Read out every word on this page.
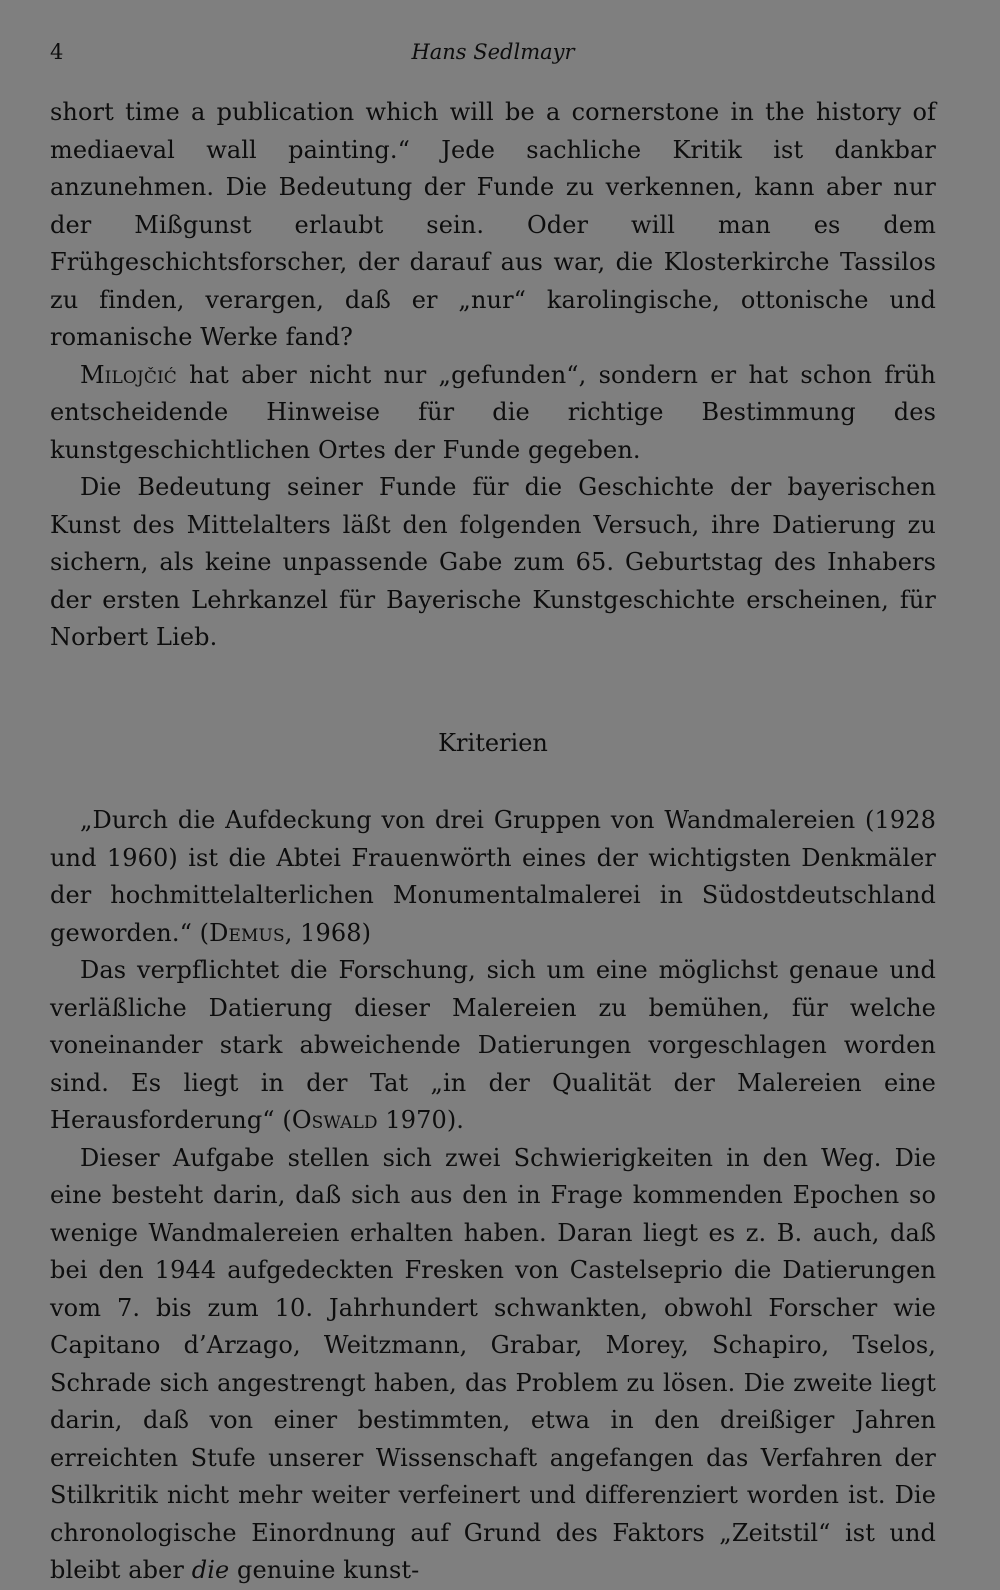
4	Hans Sedlmayr

short time a publication which will be a cornerstone in the history of mediaeval wall painting.“ Jede sachliche Kritik ist dankbar anzunehmen. Die Bedeutung der Funde zu verkennen, kann aber nur der Mißgunst erlaubt sein. Oder will man es dem Frühgeschichtsforscher, der darauf aus war, die Klosterkirche Tassilos zu finden, verargen, daß er „nur“ karolingische, ottonische und romanische Werke fand?

Milojčić hat aber nicht nur „gefunden“, sondern er hat schon früh entscheidende Hinweise für die richtige Bestimmung des kunstgeschichtlichen Ortes der Funde gegeben.

Die Bedeutung seiner Funde für die Geschichte der bayerischen Kunst des Mittelalters läßt den folgenden Versuch, ihre Datierung zu sichern, als keine unpassende Gabe zum 65. Geburtstag des Inhabers der ersten Lehrkanzel für Bayerische Kunstgeschichte erscheinen, für Norbert Lieb.

Kriterien

„Durch die Aufdeckung von drei Gruppen von Wandmalereien (1928 und 1960) ist die Abtei Frauenwörth eines der wichtigsten Denkmäler der hochmittelalterlichen Monumentalmalerei in Südostdeutschland geworden.“ (Demus, 1968)

Das verpflichtet die Forschung, sich um eine möglichst genaue und verläßliche Datierung dieser Malereien zu bemühen, für welche voneinander stark abweichende Datierungen vorgeschlagen worden sind. Es liegt in der Tat „in der Qualität der Malereien eine Herausforderung“ (Oswald 1970).

Dieser Aufgabe stellen sich zwei Schwierigkeiten in den Weg. Die eine besteht darin, daß sich aus den in Frage kommenden Epochen so wenige Wandmalereien erhalten haben. Daran liegt es z. B. auch, daß bei den 1944 aufgedeckten Fresken von Castelseprio die Datierungen vom 7. bis zum 10. Jahrhundert schwankten, obwohl Forscher wie Capitano d’Arzago, Weitzmann, Grabar, Morey, Schapiro, Tselos, Schrade sich angestrengt haben, das Problem zu lösen. Die zweite liegt darin, daß von einer bestimmten, etwa in den dreißiger Jahren erreichten Stufe unserer Wissenschaft angefangen das Verfahren der Stilkritik nicht mehr weiter verfeinert und differenziert worden ist. Die chronologische Einordnung auf Grund des Faktors „Zeitstil“ ist und bleibt aber die genuine kunst-
